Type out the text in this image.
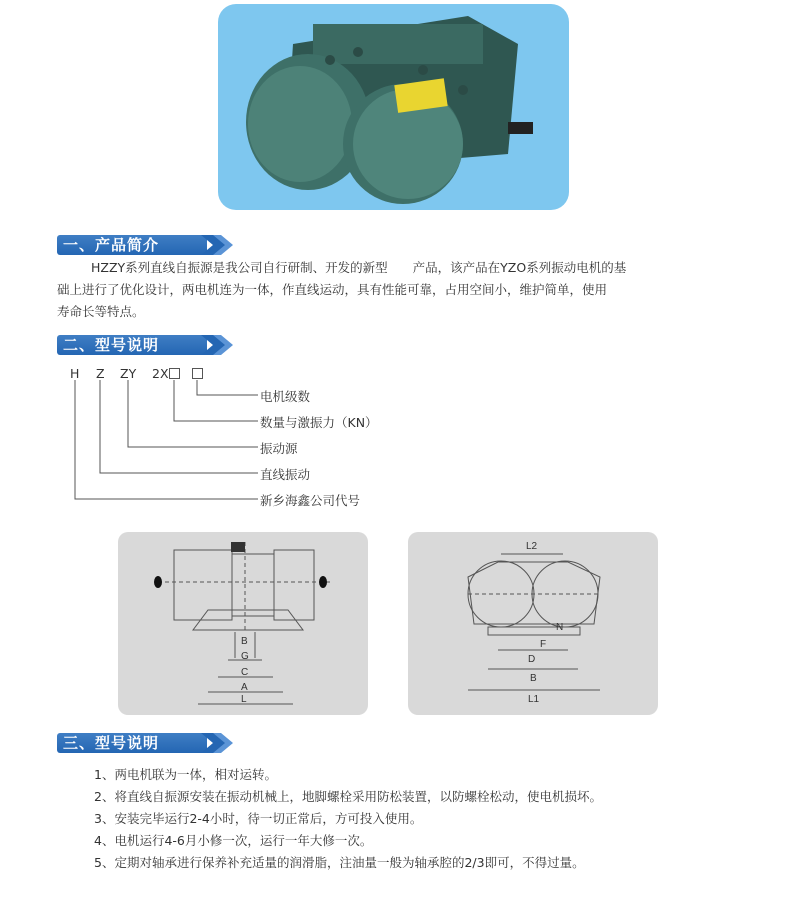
一、产品简介
HZZY系列直线自振源是我公司自行研制、开发的新型　　产品，该产品在YZO系列振动电机的基
础上进行了优化设计，两电机连为一体，作直线运动，具有性能可靠，占用空间小，维护简单，使用
寿命长等特点。
二、型号说明
H Z ZY 2X
电机级数
数量与激振力（KN）
振动源
直线振动
新乡海鑫公司代号
B
G
C
A
L
L2
N
F
D
B
L1
三、型号说明
1、两电机联为一体，相对运转。
2、将直线自振源安装在振动机械上，地脚螺栓采用防松装置，以防螺栓松动，使电机损坏。
3、安装完毕运行2-4小时，待一切正常后，方可投入使用。
4、电机运行4-6月小修一次，运行一年大修一次。
5、定期对轴承进行保养补充适量的润滑脂，注油量一般为轴承腔的2/3即可，不得过量。
